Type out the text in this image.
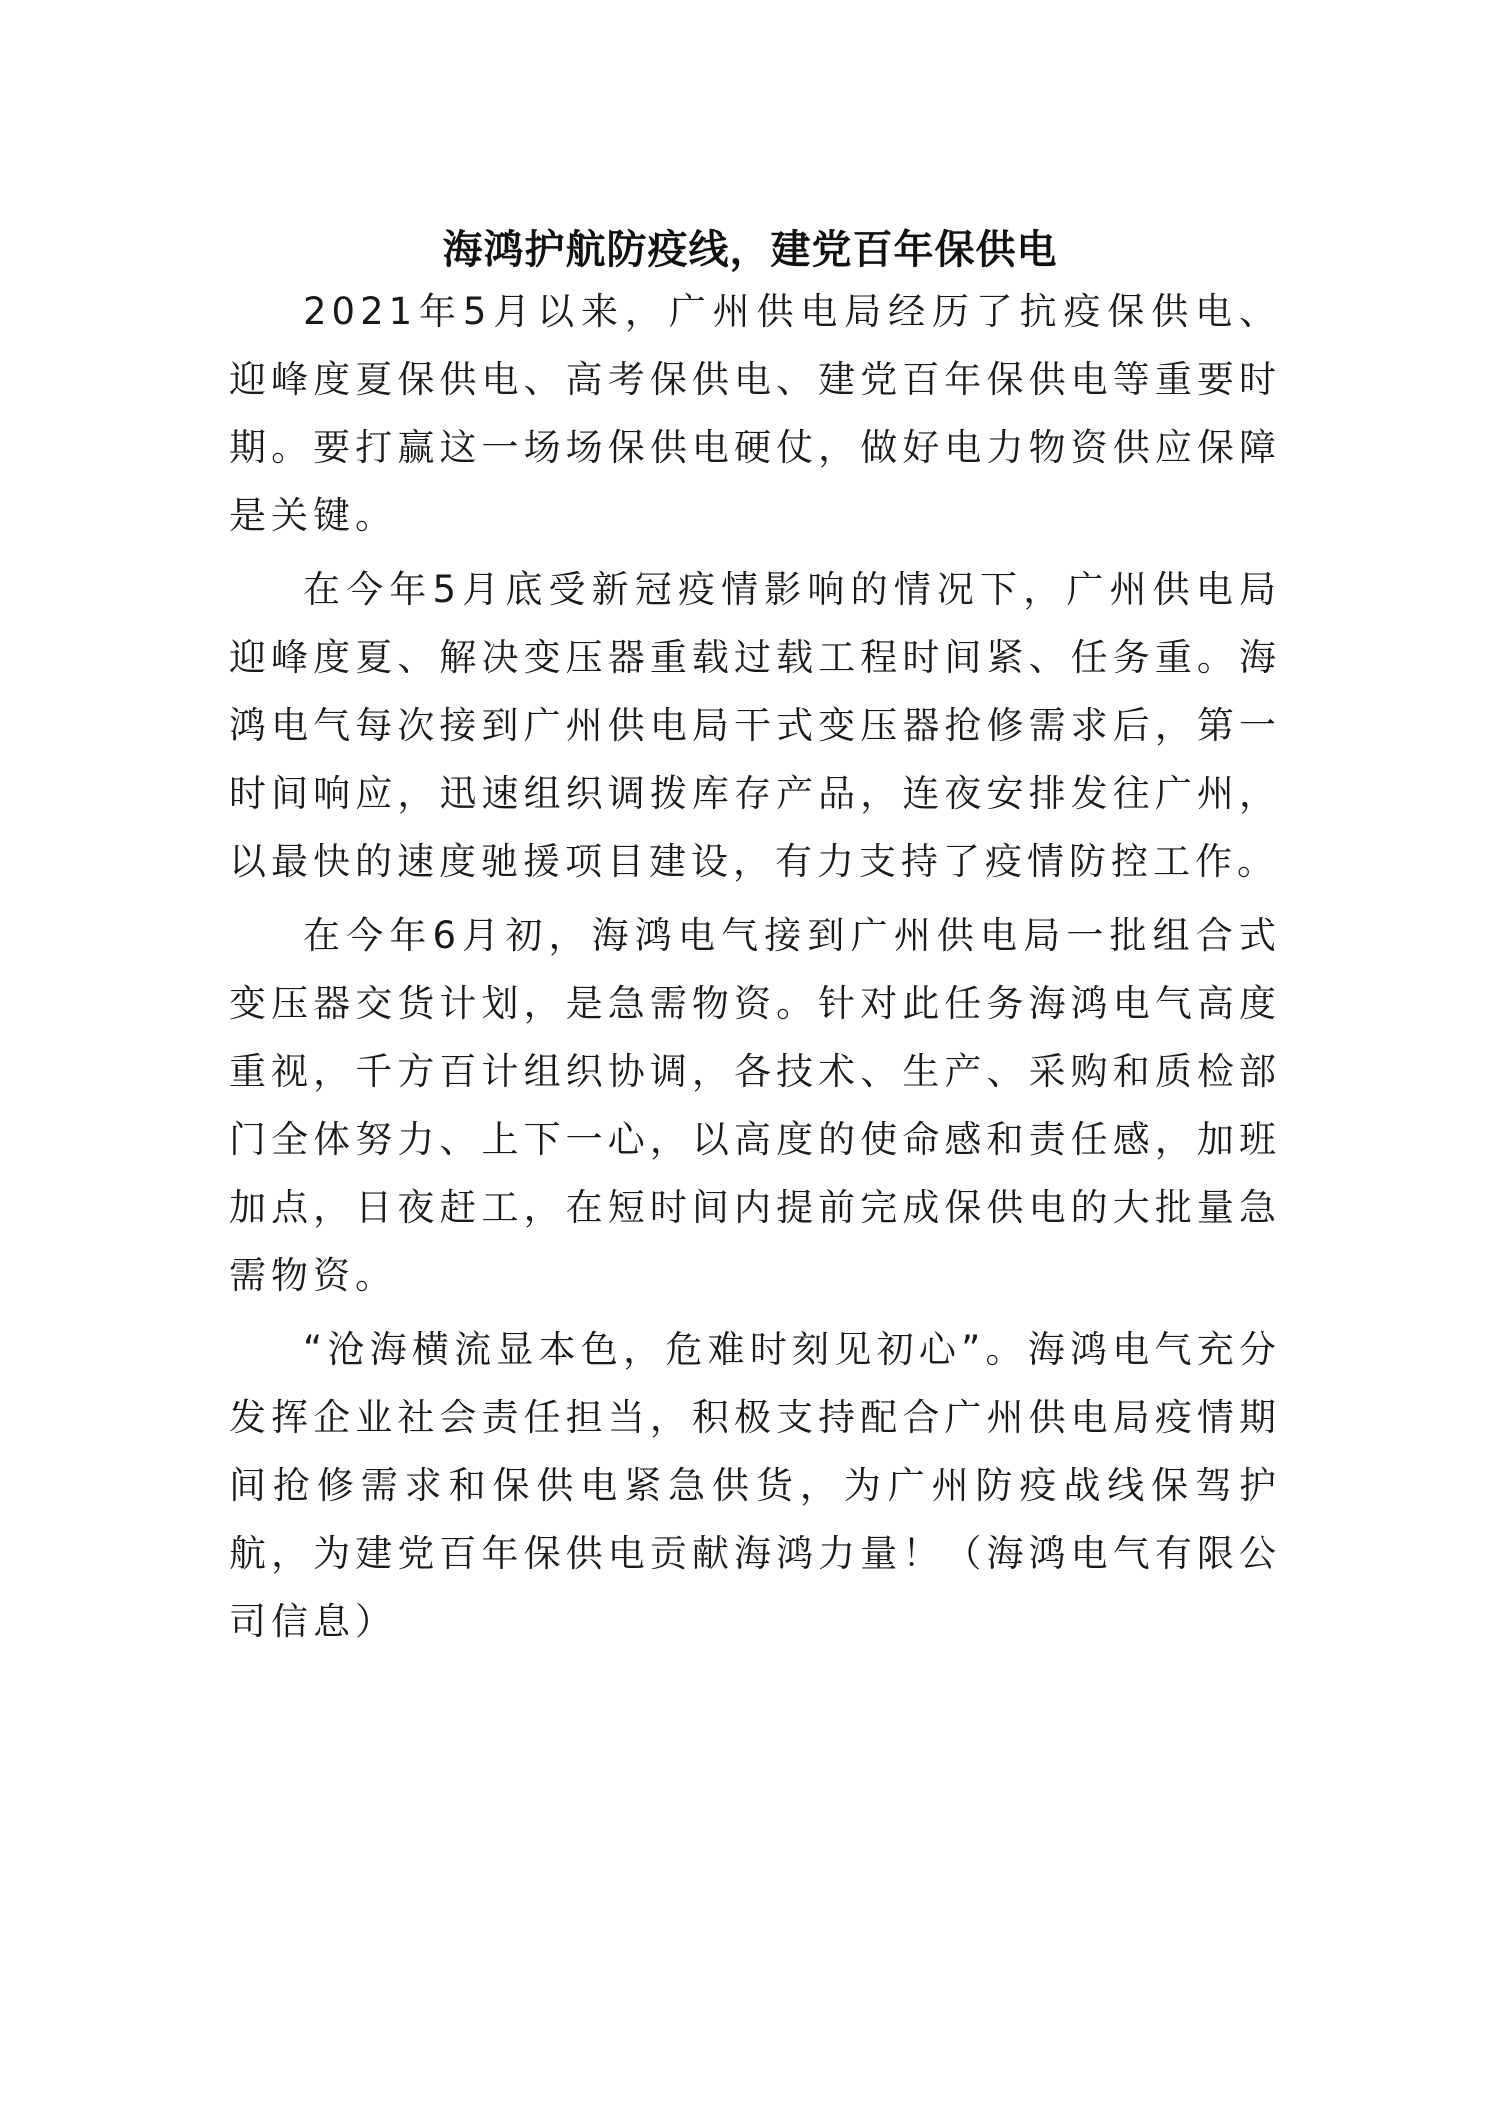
海鸿护航防疫线，建党百年保供电

2021年5月以来，广州供电局经历了抗疫保供电、迎峰度夏保供电、高考保供电、建党百年保供电等重要时期。要打赢这一场场保供电硬仗，做好电力物资供应保障是关键。

在今年5月底受新冠疫情影响的情况下，广州供电局迎峰度夏、解决变压器重载过载工程时间紧、任务重。海鸿电气每次接到广州供电局干式变压器抢修需求后，第一时间响应，迅速组织调拨库存产品，连夜安排发往广州，以最快的速度驰援项目建设，有力支持了疫情防控工作。

在今年6月初，海鸿电气接到广州供电局一批组合式变压器交货计划，是急需物资。针对此任务海鸿电气高度重视，千方百计组织协调，各技术、生产、采购和质检部门全体努力、上下一心，以高度的使命感和责任感，加班加点，日夜赶工，在短时间内提前完成保供电的大批量急需物资。

“沧海横流显本色，危难时刻见初心”。海鸿电气充分发挥企业社会责任担当，积极支持配合广州供电局疫情期间抢修需求和保供电紧急供货，为广州防疫战线保驾护航，为建党百年保供电贡献海鸿力量！（海鸿电气有限公司信息）
